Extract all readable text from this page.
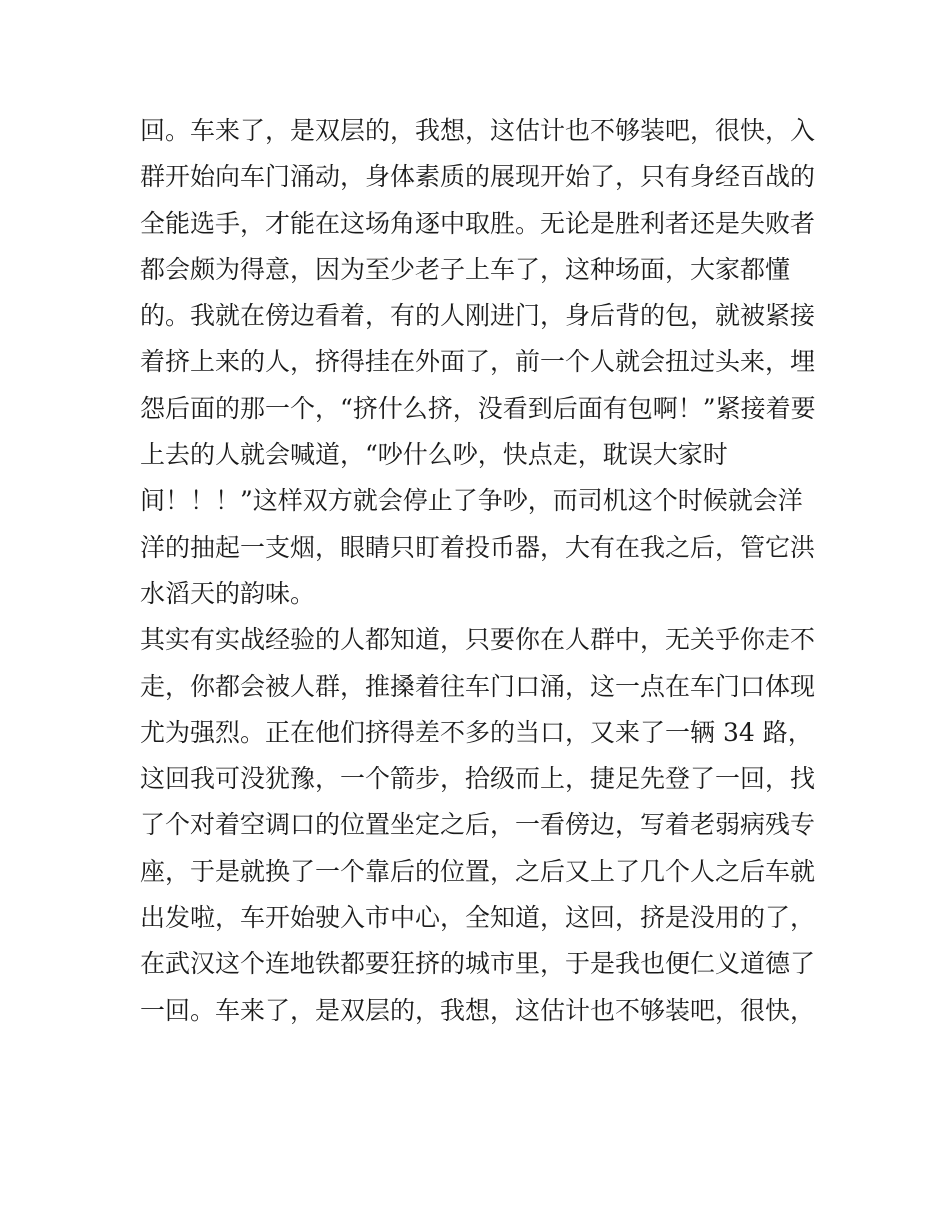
回。车来了，是双层的，我想，这估计也不够装吧，很快，入
群开始向车门涌动，身体素质的展现开始了，只有身经百战的
全能选手，才能在这场角逐中取胜。无论是胜利者还是失败者
都会颇为得意，因为至少老子上车了，这种场面，大家都懂
的。我就在傍边看着，有的人刚进门，身后背的包，就被紧接
着挤上来的人，挤得挂在外面了，前一个人就会扭过头来，埋
怨后面的那一个，“挤什么挤，没看到后面有包啊！”紧接着要
上去的人就会喊道，“吵什么吵，快点走，耽误大家时
间！！！”这样双方就会停止了争吵，而司机这个时候就会洋
洋的抽起一支烟，眼睛只盯着投币器，大有在我之后，管它洪
水滔天的韵味。
其实有实战经验的人都知道，只要你在人群中，无关乎你走不
走，你都会被人群，推搡着往车门口涌，这一点在车门口体现
尤为强烈。正在他们挤得差不多的当口，又来了一辆 34 路，
这回我可没犹豫，一个箭步，拾级而上，捷足先登了一回，找
了个对着空调口的位置坐定之后，一看傍边，写着老弱病残专
座，于是就换了一个靠后的位置，之后又上了几个人之后车就
出发啦，车开始驶入市中心，全知道，这回，挤是没用的了，
在武汉这个连地铁都要狂挤的城市里，于是我也便仁义道德了
一回。车来了，是双层的，我想，这估计也不够装吧，很快，
